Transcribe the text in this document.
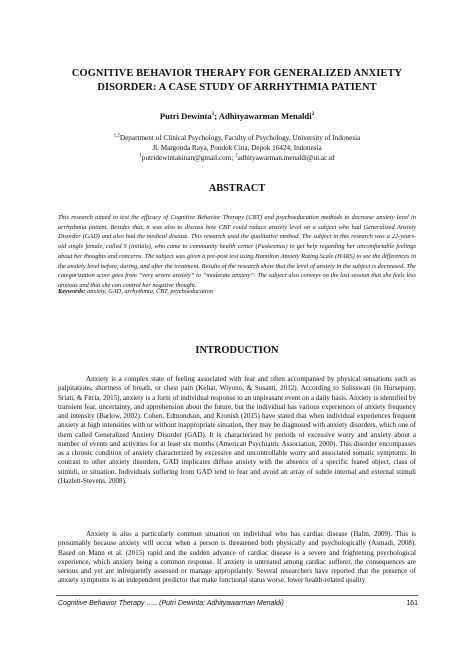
COGNITIVE BEHAVIOR THERAPY FOR GENERALIZED ANXIETY
DISORDER: A CASE STUDY OF ARRHYTHMIA PATIENT
Putri Dewinta$^1$; Adhityawarman Menaldi$^2$
$^{1,2}$Department of Clinical Psychology, Faculty of Psychology, University of Indonesia
Jl. Margonda Raya, Pondok Cina, Depok 16424, Indonesia
$^1$putridewintakinan@gmail.com; $^2$adhityawarman.menaldi@ui.ac.id
ABSTRACT
This research aimed to test the efficacy of Cognitive Behavior Therapy (CBT) and psychoeducation methods to decrease anxiety level in arrhythmia patient. Besides that, it was also to discuss how CBT could reduce anxiety level on a subject who had Generalized Anxiety Disorder (GAD) and also had the medical disease. This research used the qualitative method. The subject in this research was a 22-years-old single female, called S (initials), who came to community health center (Puskesmas) to get help regarding her uncomfortable feelings about her thoughts and concerns. The subject was given a pre-post test using Hamilton Anxiety Rating Scale (HARS) to see the differences in the anxiety level before, during, and after the treatment. Results of the research show that the level of anxiety in the subject is decreased. The categorization score goes from “very severe anxiety” to “moderate anxiety”. The subject also conveys on the last session that she feels less anxious and that she can control her negative thought.
Keywords: anxiety, GAD, arrhythmia, CBT, psychoeducation
INTRODUCTION
Anxiety is a complex state of feeling associated with fear and often accompanied by physical sensations such as palpitations, shortness of breath, or chest pain (Keliat, Wiyono, & Susanti, 2012). According to Sulisswati (in Hursepuny, Sriati, & Fitria, 2015), anxiety is a form of individual response to an unpleasant event on a daily basis. Anxiety is identified by transient fear, uncertainty, and apprehension about the future, but the individual has various experiences of anxiety frequency and intensity (Barlow, 2002). Cohen, Edmondson, and Kronish (2015) have stated that when individual experiences frequent anxiety at high intensities with or without inappropriate situation, they may be diagnosed with anxiety disorders, which one of them called Generalized Anxiety Disorder (GAD). It is characterized by periods of excessive worry and anxiety about a number of events and activities for at least six months (American Psychiatric Association, 2000). This disorder encompasses as a chronic condition of anxiety characterized by excessive and uncontrollable worry and associated somatic symptoms. In contrast to other anxiety disorders, GAD implicates diffuse anxiety with the absence of a specific feared object, class of stimuli, or situation. Individuals suffering from GAD tend to fear and avoid an array of subtle internal and external stimuli (Hazlett-Stevens, 2008).
Anxiety is also a particularly common situation on individual who has cardiac disease (Halm, 2009). This is presumably because anxiety will occur when a person is threatened both physically and psychologically (Asmadi, 2008). Based on Mann et al. (2015) rapid and the sudden advance of cardiac disease is a severe and frightening psychological experience, which anxiety being a common response. If anxiety is untreated among cardiac sufferer, the consequences are serious and yet are infrequently assessed or manage appropriately. Several researchers have reported that the presence of anxiety symptoms is an independent predictor that make functional status worse, lower health-related quality
Cognitive Behavior Therapy ….. (Putri Dewinta; Adhityawarman Menaldi)	161
